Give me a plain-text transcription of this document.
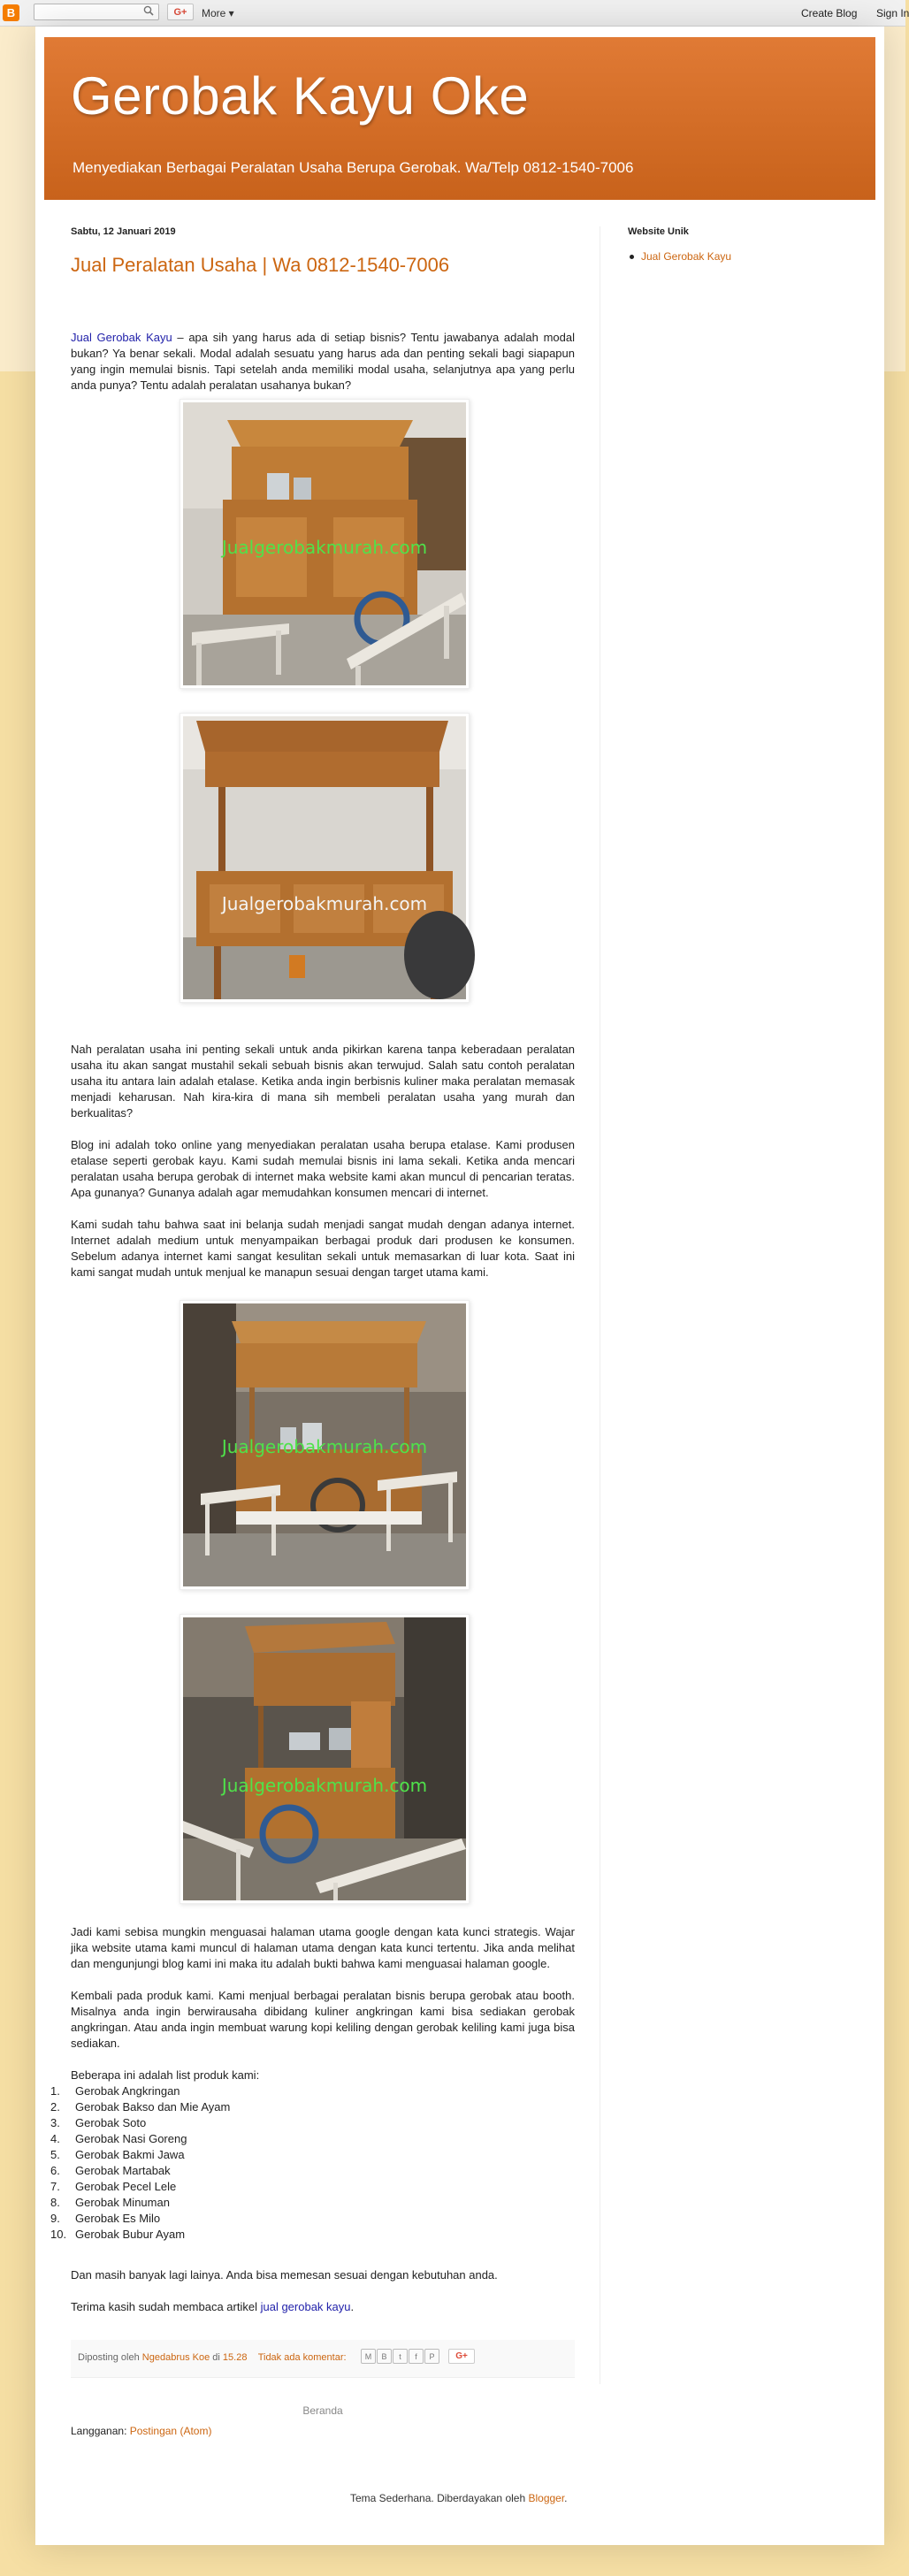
B	G+	More ▾	Create Blog Sign In
Gerobak Kayu Oke
Menyediakan Berbagai Peralatan Usaha Berupa Gerobak. Wa/Telp 0812-1540-7006
Sabtu, 12 Januari 2019
Jual Peralatan Usaha | Wa 0812-1540-7006

Jual Gerobak Kayu – apa sih yang harus ada di setiap bisnis? Tentu jawabanya adalah modal bukan? Ya benar sekali. Modal adalah sesuatu yang harus ada dan penting sekali bagi siapapun yang ingin memulai bisnis. Tapi setelah anda memiliki modal usaha, selanjutnya apa yang perlu anda punya? Tentu adalah peralatan usahanya bukan?

Jualgerobakmurah.com
Jualgerobakmurah.com

Nah peralatan usaha ini penting sekali untuk anda pikirkan karena tanpa keberadaan peralatan usaha itu akan sangat mustahil sekali sebuah bisnis akan terwujud. Salah satu contoh peralatan usaha itu antara lain adalah etalase. Ketika anda ingin berbisnis kuliner maka peralatan memasak menjadi keharusan. Nah kira-kira di mana sih membeli peralatan usaha yang murah dan berkualitas?

Blog ini adalah toko online yang menyediakan peralatan usaha berupa etalase. Kami produsen etalase seperti gerobak kayu. Kami sudah memulai bisnis ini lama sekali. Ketika anda mencari peralatan usaha berupa gerobak di internet maka website kami akan muncul di pencarian teratas. Apa gunanya? Gunanya adalah agar memudahkan konsumen mencari di internet.

Kami sudah tahu bahwa saat ini belanja sudah menjadi sangat mudah dengan adanya internet. Internet adalah medium untuk menyampaikan berbagai produk dari produsen ke konsumen. Sebelum adanya internet kami sangat kesulitan sekali untuk memasarkan di luar kota. Saat ini kami sangat mudah untuk menjual ke manapun sesuai dengan target utama kami.

Jualgerobakmurah.com
Jualgerobakmurah.com

Jadi kami sebisa mungkin menguasai halaman utama google dengan kata kunci strategis. Wajar jika website utama kami muncul di halaman utama dengan kata kunci tertentu. Jika anda melihat dan mengunjungi blog kami ini maka itu adalah bukti bahwa kami menguasai halaman google.

Kembali pada produk kami. Kami menjual berbagai peralatan bisnis berupa gerobak atau booth. Misalnya anda ingin berwirausaha dibidang kuliner angkringan kami bisa sediakan gerobak angkringan. Atau anda ingin membuat warung kopi keliling dengan gerobak keliling kami juga bisa sediakan.

Beberapa ini adalah list produk kami:

1. Gerobak Angkringan
2. Gerobak Bakso dan Mie Ayam
3. Gerobak Soto
4. Gerobak Nasi Goreng
5. Gerobak Bakmi Jawa
6. Gerobak Martabak
7. Gerobak Pecel Lele
8. Gerobak Minuman
9. Gerobak Es Milo
10. Gerobak Bubur Ayam

Dan masih banyak lagi lainya. Anda bisa memesan sesuai dengan kebutuhan anda.

Terima kasih sudah membaca artikel jual gerobak kayu.

Diposting oleh Ngedabrus Koe di 15.28 Tidak ada komentar:	M	B	t	f	P	G+
Beranda
Langganan: Postingan (Atom)
Website Unik
Jual Gerobak Kayu
Tema Sederhana. Diberdayakan oleh Blogger.
